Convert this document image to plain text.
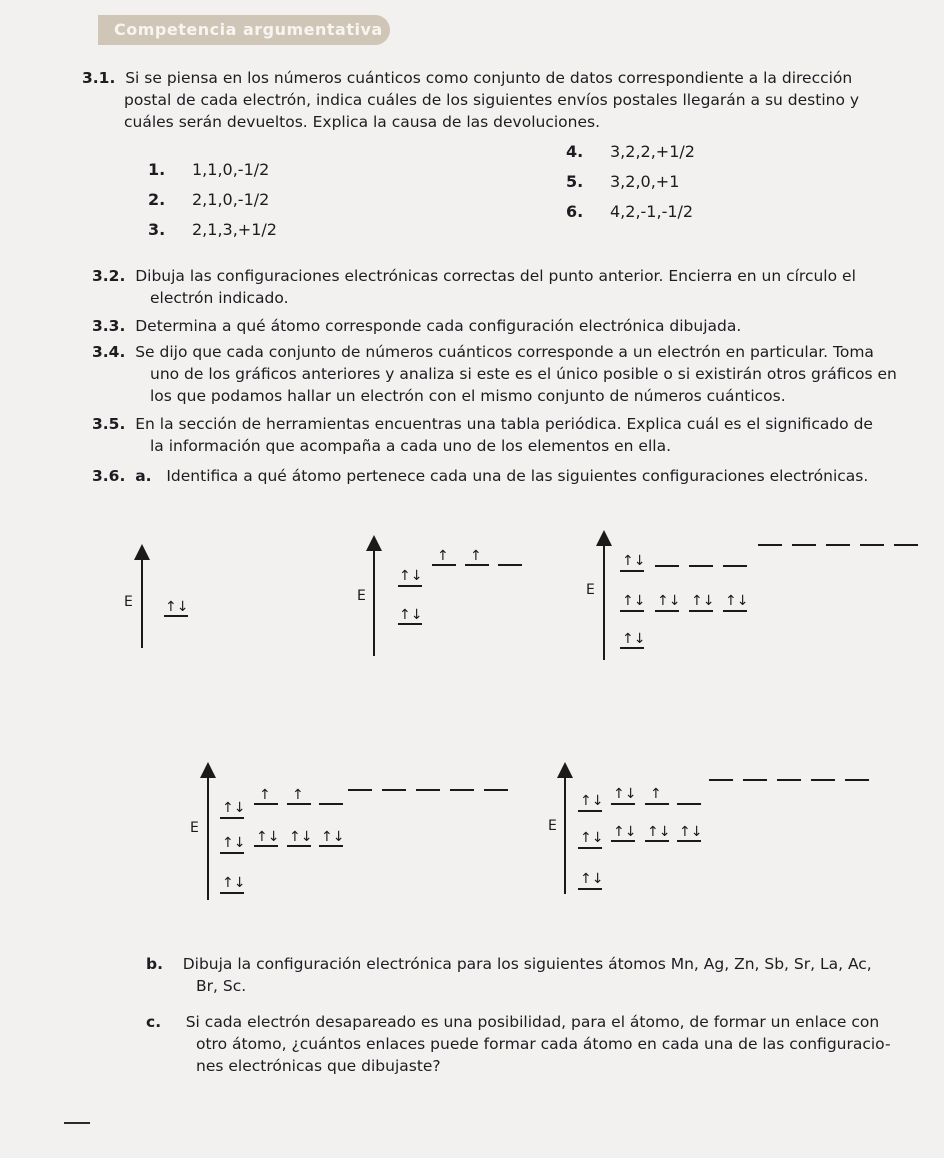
Competencia argumentativa
3.1. Si se piensa en los números cuánticos como conjunto de datos correspondiente a la dirección
postal de cada electrón, indica cuáles de los siguientes envíos postales llegarán a su destino y
cuáles serán devueltos. Explica la causa de las devoluciones.
1. 1,1,0,-1/2
2. 2,1,0,-1/2
3. 2,1,3,+1/2
4. 3,2,2,+1/2
5. 3,2,0,+1
6. 4,2,-1,-1/2
3.2. Dibuja las configuraciones electrónicas correctas del punto anterior. Encierra en un círculo el
electrón indicado.
3.3. Determina a qué átomo corresponde cada configuración electrónica dibujada.
3.4. Se dijo que cada conjunto de números cuánticos corresponde a un electrón en particular. Toma
uno de los gráficos anteriores y analiza si este es el único posible o si existirán otros gráficos en
los que podamos hallar un electrón con el mismo conjunto de números cuánticos.
3.5. En la sección de herramientas encuentras una tabla periódica. Explica cuál es el significado de
la información que acompaña a cada uno de los elementos en ella.
3.6. a. Identifica a qué átomo pertenece cada una de las siguientes configuraciones electrónicas.
E ↑↓
E
↑↓
↑↓
↑ ↑
E
↑↓
↑↓ ↑↓ ↑↓ ↑↓
↑↓
E
↑↓
↑↓ ↑↓ ↑↓ ↑↓
↑↓
↑ ↑
E
↑↓
↑↓ ↑↓ ↑↓ ↑↓
↑↓ ↑↓ ↑
b. Dibuja la configuración electrónica para los siguientes átomos Mn, Ag, Zn, Sb, Sr, La, Ac,
Br, Sc.
c. Si cada electrón desapareado es una posibilidad, para el átomo, de formar un enlace con
otro átomo, ¿cuántos enlaces puede formar cada átomo en cada una de las configuracio-
nes electrónicas que dibujaste?
